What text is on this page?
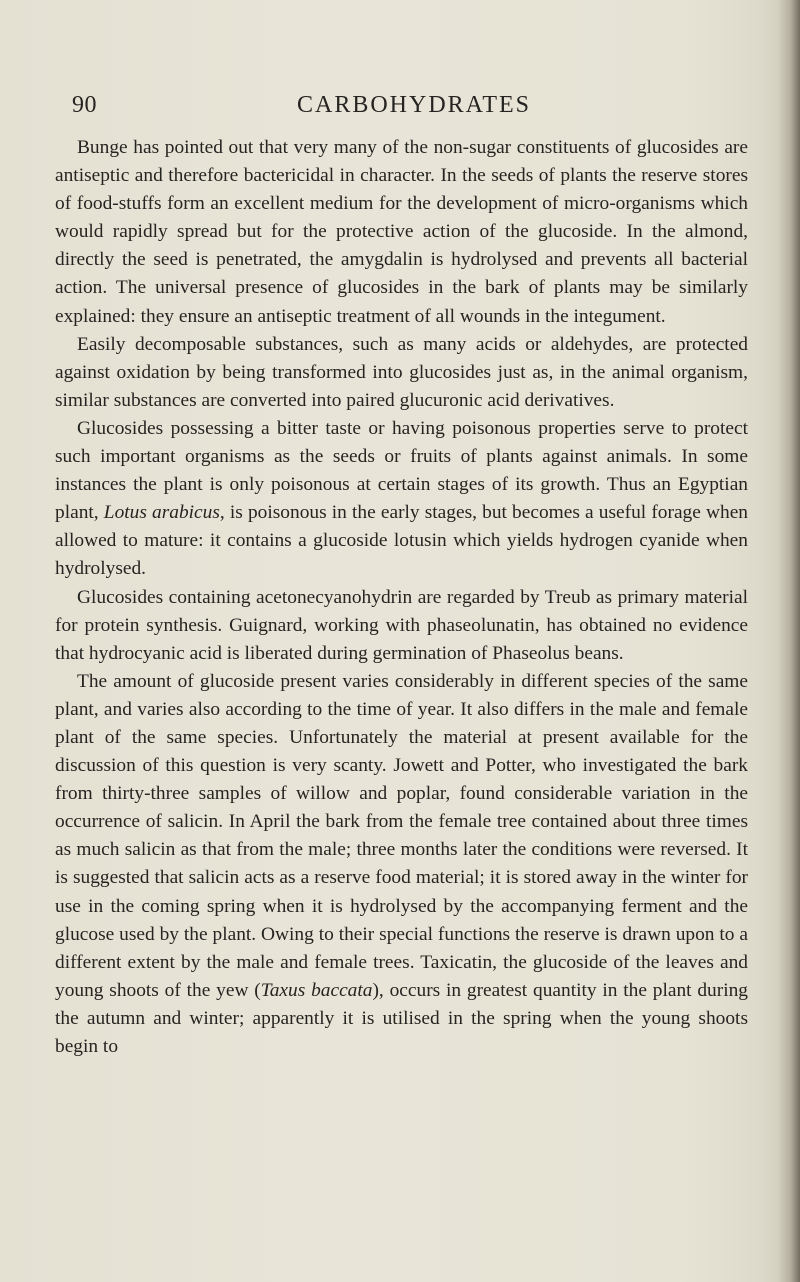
90	CARBOHYDRATES

Bunge has pointed out that very many of the non-sugar constituents of glucosides are antiseptic and therefore bactericidal in character. In the seeds of plants the reserve stores of food-stuffs form an excellent medium for the development of micro-organisms which would rapidly spread but for the protective action of the glucoside. In the almond, directly the seed is penetrated, the amygdalin is hydrolysed and prevents all bacterial action. The universal presence of glucosides in the bark of plants may be similarly explained: they ensure an antiseptic treatment of all wounds in the integument.

Easily decomposable substances, such as many acids or aldehydes, are protected against oxidation by being transformed into glucosides just as, in the animal organism, similar substances are converted into paired glucuronic acid derivatives.

Glucosides possessing a bitter taste or having poisonous properties serve to protect such important organisms as the seeds or fruits of plants against animals. In some instances the plant is only poisonous at certain stages of its growth. Thus an Egyptian plant, Lotus arabicus, is poisonous in the early stages, but becomes a useful forage when allowed to mature: it contains a glucoside lotusin which yields hydrogen cyanide when hydrolysed.

Glucosides containing acetonecyanohydrin are regarded by Treub as primary material for protein synthesis. Guignard, working with phaseolunatin, has obtained no evidence that hydrocyanic acid is liberated during germination of Phaseolus beans.

The amount of glucoside present varies considerably in different species of the same plant, and varies also according to the time of year. It also differs in the male and female plant of the same species. Unfortunately the material at present available for the discussion of this question is very scanty. Jowett and Potter, who investigated the bark from thirty-three samples of willow and poplar, found considerable variation in the occurrence of salicin. In April the bark from the female tree contained about three times as much salicin as that from the male; three months later the conditions were reversed. It is suggested that salicin acts as a reserve food material; it is stored away in the winter for use in the coming spring when it is hydrolysed by the accompanying ferment and the glucose used by the plant. Owing to their special functions the reserve is drawn upon to a different extent by the male and female trees. Taxicatin, the glucoside of the leaves and young shoots of the yew (Taxus baccata), occurs in greatest quantity in the plant during the autumn and winter; apparently it is utilised in the spring when the young shoots begin to
